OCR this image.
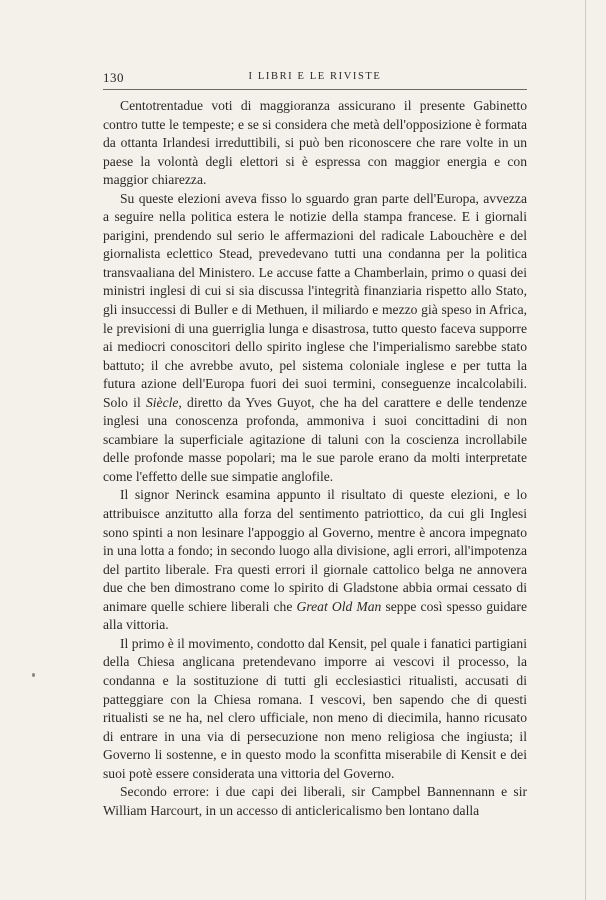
130	I LIBRI E LE RIVISTE

Centotrentadue voti di maggioranza assicurano il presente Gabinetto contro tutte le tempeste; e se si considera che metà dell'opposizione è formata da ottanta Irlandesi irreduttibili, si può ben riconoscere che rare volte in un paese la volontà degli elettori si è espressa con maggior energia e con maggior chiarezza.

Su queste elezioni aveva fisso lo sguardo gran parte dell'Europa, avvezza a seguire nella politica estera le notizie della stampa francese. E i giornali parigini, prendendo sul serio le affermazioni del radicale Labouchère e del giornalista eclettico Stead, prevedevano tutti una condanna per la politica transvaaliana del Ministero. Le accuse fatte a Chamberlain, primo o quasi dei ministri inglesi di cui si sia discussa l'integrità finanziaria rispetto allo Stato, gli insuccessi di Buller e di Methuen, il miliardo e mezzo già speso in Africa, le previsioni di una guerriglia lunga e disastrosa, tutto questo faceva supporre ai mediocri conoscitori dello spirito inglese che l'imperialismo sarebbe stato battuto; il che avrebbe avuto, pel sistema coloniale inglese e per tutta la futura azione dell'Europa fuori dei suoi termini, conseguenze incalcolabili. Solo il Siècle, diretto da Yves Guyot, che ha del carattere e delle tendenze inglesi una conoscenza profonda, ammoniva i suoi concittadini di non scambiare la superficiale agitazione di taluni con la coscienza incrollabile delle profonde masse popolari; ma le sue parole erano da molti interpretate come l'effetto delle sue simpatie anglofile.

Il signor Nerinck esamina appunto il risultato di queste elezioni, e lo attribuisce anzitutto alla forza del sentimento patriottico, da cui gli Inglesi sono spinti a non lesinare l'appoggio al Governo, mentre è ancora impegnato in una lotta a fondo; in secondo luogo alla divisione, agli errori, all'impotenza del partito liberale. Fra questi errori il giornale cattolico belga ne annovera due che ben dimostrano come lo spirito di Gladstone abbia ormai cessato di animare quelle schiere liberali che Great Old Man seppe così spesso guidare alla vittoria.

Il primo è il movimento, condotto dal Kensit, pel quale i fanatici partigiani della Chiesa anglicana pretendevano imporre ai vescovi il processo, la condanna e la sostituzione di tutti gli ecclesiastici ritualisti, accusati di patteggiare con la Chiesa romana. I vescovi, ben sapendo che di questi ritualisti se ne ha, nel clero ufficiale, non meno di diecimila, hanno ricusato di entrare in una via di persecuzione non meno religiosa che ingiusta; il Governo li sostenne, e in questo modo la sconfitta miserabile di Kensit e dei suoi potè essere considerata una vittoria del Governo.

Secondo errore: i due capi dei liberali, sir Campbel Bannennann e sir William Harcourt, in un accesso di anticlericalismo ben lontano dalla
